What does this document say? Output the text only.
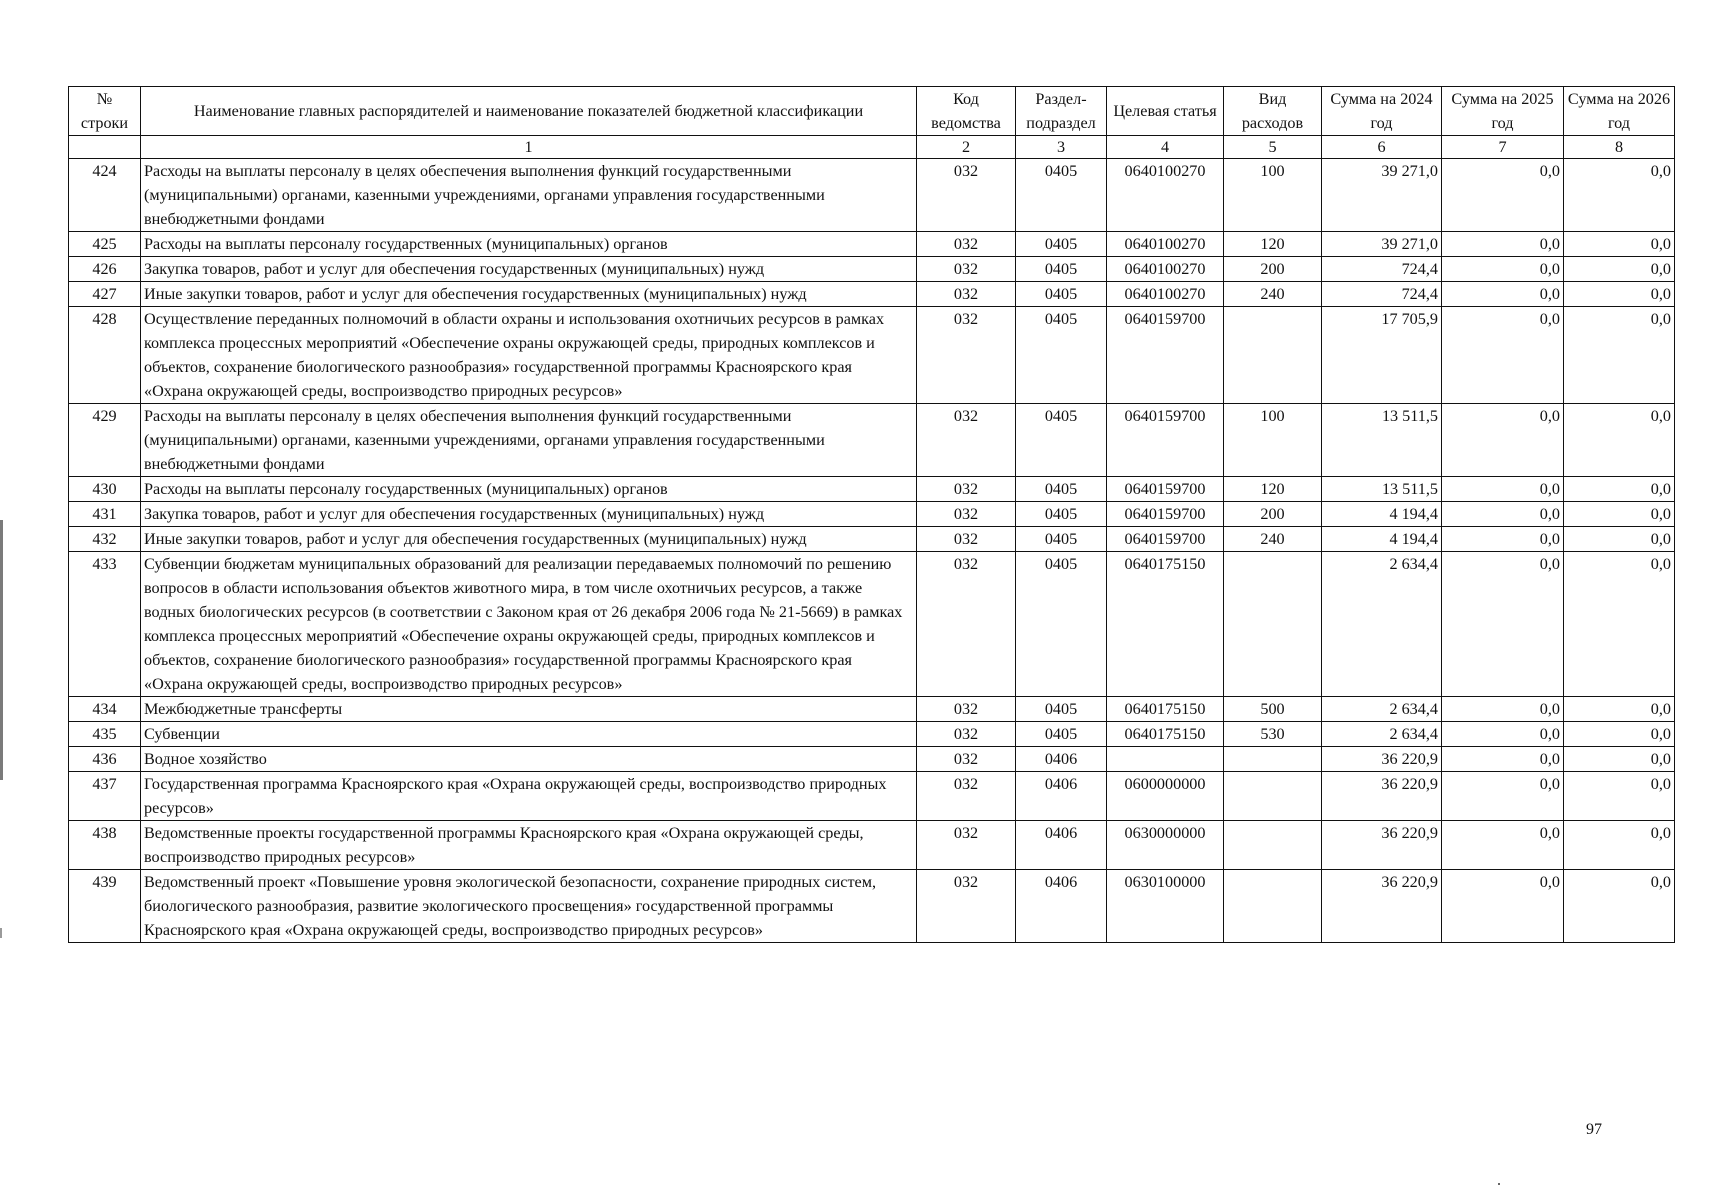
№ строки	Наименование главных распорядителей и наименование показателей бюджетной классификации	Код ведомства	Раздел-подраздел	Целевая статья	Вид расходов	Сумма на 2024 год	Сумма на 2025 год	Сумма на 2026 год
	1	2	3	4	5	6	7	8
424	Расходы на выплаты персоналу в целях обеспечения выполнения функций государственными (муниципальными) органами, казенными учреждениями, органами управления государственными внебюджетными фондами	032	0405	0640100270	100	39 271,0	0,0	0,0
425	Расходы на выплаты персоналу государственных (муниципальных) органов	032	0405	0640100270	120	39 271,0	0,0	0,0
426	Закупка товаров, работ и услуг для обеспечения государственных (муниципальных) нужд	032	0405	0640100270	200	724,4	0,0	0,0
427	Иные закупки товаров, работ и услуг для обеспечения государственных (муниципальных) нужд	032	0405	0640100270	240	724,4	0,0	0,0
428	Осуществление переданных полномочий в области охраны и использования охотничьих ресурсов в рамках комплекса процессных мероприятий «Обеспечение охраны окружающей среды, природных комплексов и объектов, сохранение биологического разнообразия» государственной программы Красноярского края «Охрана окружающей среды, воспроизводство природных ресурсов»	032	0405	0640159700		17 705,9	0,0	0,0
429	Расходы на выплаты персоналу в целях обеспечения выполнения функций государственными (муниципальными) органами, казенными учреждениями, органами управления государственными внебюджетными фондами	032	0405	0640159700	100	13 511,5	0,0	0,0
430	Расходы на выплаты персоналу государственных (муниципальных) органов	032	0405	0640159700	120	13 511,5	0,0	0,0
431	Закупка товаров, работ и услуг для обеспечения государственных (муниципальных) нужд	032	0405	0640159700	200	4 194,4	0,0	0,0
432	Иные закупки товаров, работ и услуг для обеспечения государственных (муниципальных) нужд	032	0405	0640159700	240	4 194,4	0,0	0,0
433	Субвенции бюджетам муниципальных образований для реализации передаваемых полномочий по решению вопросов в области использования объектов животного мира, в том числе охотничьих ресурсов, а также водных биологических ресурсов (в соответствии с Законом края от 26 декабря 2006 года № 21-5669) в рамках комплекса процессных мероприятий «Обеспечение охраны окружающей среды, природных комплексов и объектов, сохранение биологического разнообразия» государственной программы Красноярского края «Охрана окружающей среды, воспроизводство природных ресурсов»	032	0405	0640175150		2 634,4	0,0	0,0
434	Межбюджетные трансферты	032	0405	0640175150	500	2 634,4	0,0	0,0
435	Субвенции	032	0405	0640175150	530	2 634,4	0,0	0,0
436	Водное хозяйство	032	0406			36 220,9	0,0	0,0
437	Государственная программа Красноярского края «Охрана окружающей среды, воспроизводство природных ресурсов»	032	0406	0600000000		36 220,9	0,0	0,0
438	Ведомственные проекты государственной программы Красноярского края «Охрана окружающей среды, воспроизводство природных ресурсов»	032	0406	0630000000		36 220,9	0,0	0,0
439	Ведомственный проект «Повышение уровня экологической безопасности, сохранение природных систем, биологического разнообразия, развитие экологического просвещения» государственной программы Красноярского края «Охрана окружающей среды, воспроизводство природных ресурсов»	032	0406	0630100000		36 220,9	0,0	0,0
97
